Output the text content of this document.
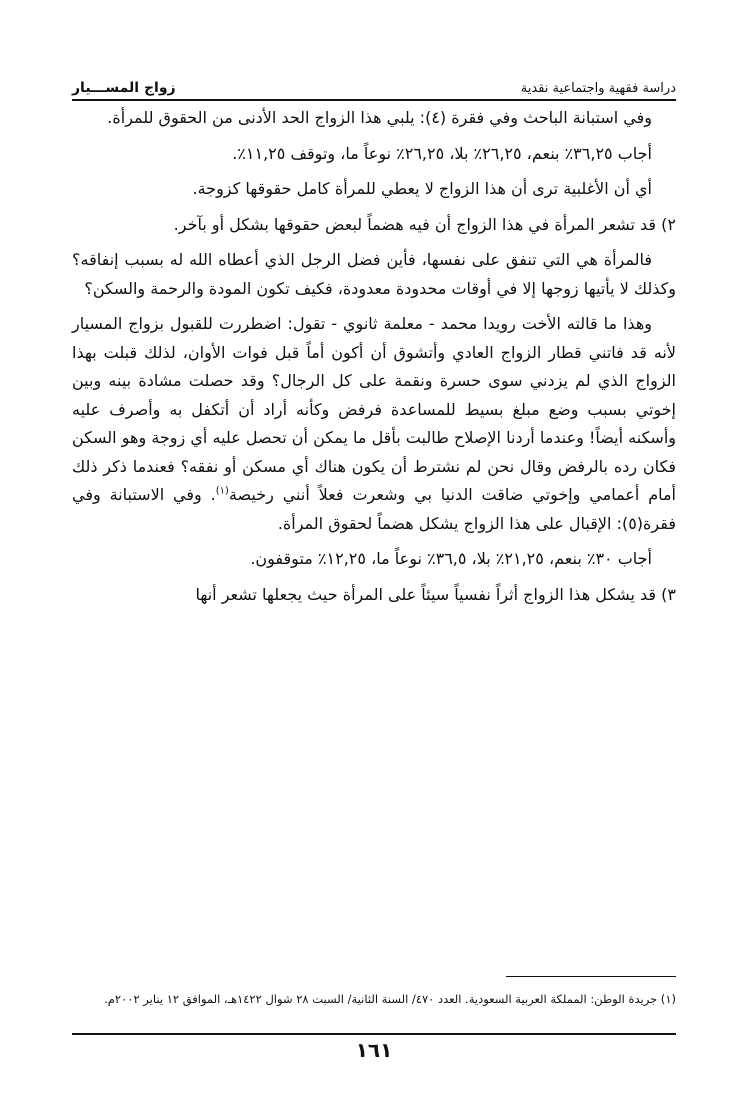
دراسة فقهية واجتماعية نقدية
زواج المســـيار

وفي استبانة الباحث وفي فقرة (٤): يلبي هذا الزواج الحد الأدنى من الحقوق للمرأة.

أجاب ٣٦,٢٥٪ بنعم، ٢٦,٢٥٪ بلا، ٢٦,٢٥٪ نوعاً ما، وتوقف ١١,٢٥٪.

أي أن الأغلبية ترى أن هذا الزواج لا يعطي للمرأة كامل حقوقها كزوجة.

٢) قد تشعر المرأة في هذا الزواج أن فيه هضماً لبعض حقوقها بشكل أو بآخر.

فالمرأة هي التي تنفق على نفسها، فأين فضل الرجل الذي أعطاه الله له بسبب إنفاقه؟ وكذلك لا يأتيها زوجها إلا في أوقات محدودة معدودة، فكيف تكون المودة والرحمة والسكن؟

وهذا ما قالته الأخت رويدا محمد - معلمة ثانوي - تقول: اضطررت للقبول بزواج المسيار لأنه قد فاتني قطار الزواج العادي وأتشوق أن أكون أماً قبل فوات الأوان، لذلك قبلت بهذا الزواج الذي لم يزدني سوى حسرة ونقمة على كل الرجال؟ وقد حصلت مشادة بينه وبين إخوتي بسبب وضع مبلغ بسيط للمساعدة فرفض وكأنه أراد أن أتكفل به وأصرف عليه وأسكنه أيضاً! وعندما أردنا الإصلاح طالبت بأقل ما يمكن أن تحصل عليه أي زوجة وهو السكن فكان رده بالرفض وقال نحن لم نشترط أن يكون هناك أي مسكن أو نفقه؟ فعندما ذكر ذلك أمام أعمامي وإخوتي ضاقت الدنيا بي وشعرت فعلاً أنني رخيصة$^{(١)}$. وفي الاستبانة وفي فقرة(٥): الإقبال على هذا الزواج يشكل هضماً لحقوق المرأة.

أجاب ٣٠٪ بنعم، ٢١,٢٥٪ بلا، ٣٦,٥٪ نوعاً ما، ١٢,٢٥٪ متوقفون.

٣) قد يشكل هذا الزواج أثراً نفسياً سيئاً على المرأة حيث يجعلها تشعر أنها

(١) جريدة الوطن: المملكة العربية السعودية. العدد ٤٧٠/ السنة الثانية/ السبت ٢٨ شوال ١٤٢٢هـ، الموافق ١٢ يناير ٢٠٠٢م.
١٦١
